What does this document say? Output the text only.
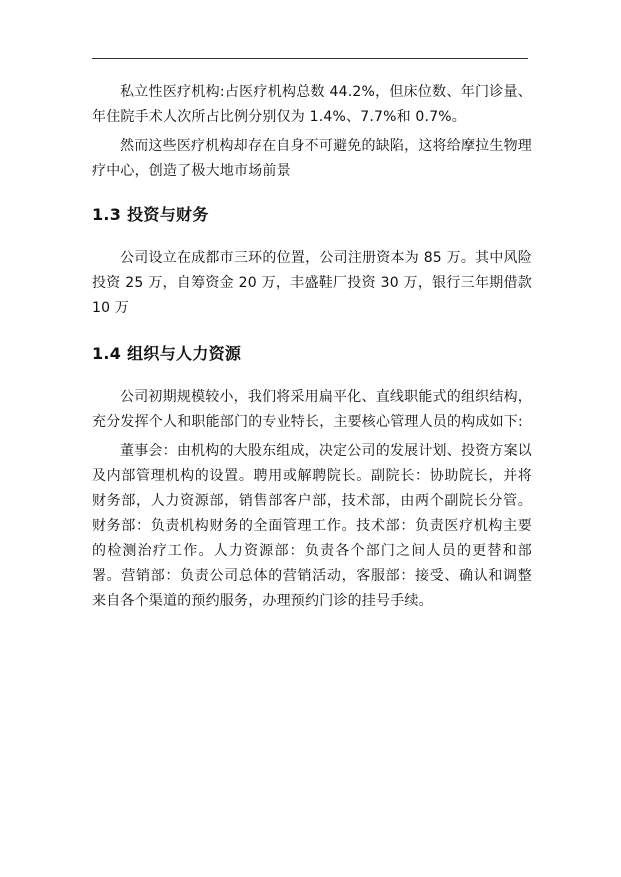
私立性医疗机构:占医疗机构总数 44.2%，但床位数、年门诊量、年住院手术人次所占比例分别仅为 1.4%、7.7%和 0.7%。

然而这些医疗机构却存在自身不可避免的缺陷，这将给摩拉生物理疗中心，创造了极大地市场前景

1.3 投资与财务

公司设立在成都市三环的位置，公司注册资本为 85 万。其中风险投资 25 万，自筹资金 20 万，丰盛鞋厂投资 30 万，银行三年期借款 10 万

1.4 组织与人力资源

公司初期规模较小，我们将采用扁平化、直线职能式的组织结构，充分发挥个人和职能部门的专业特长，主要核心管理人员的构成如下:

董事会：由机构的大股东组成，决定公司的发展计划、投资方案以及内部管理机构的设置。聘用或解聘院长。副院长：协助院长，并将财务部，人力资源部，销售部客户部，技术部，由两个副院长分管。财务部：负责机构财务的全面管理工作。技术部：负责医疗机构主要的检测治疗工作。人力资源部：负责各个部门之间人员的更替和部署。营销部：负责公司总体的营销活动，客服部：接受、确认和调整来自各个渠道的预约服务，办理预约门诊的挂号手续。
